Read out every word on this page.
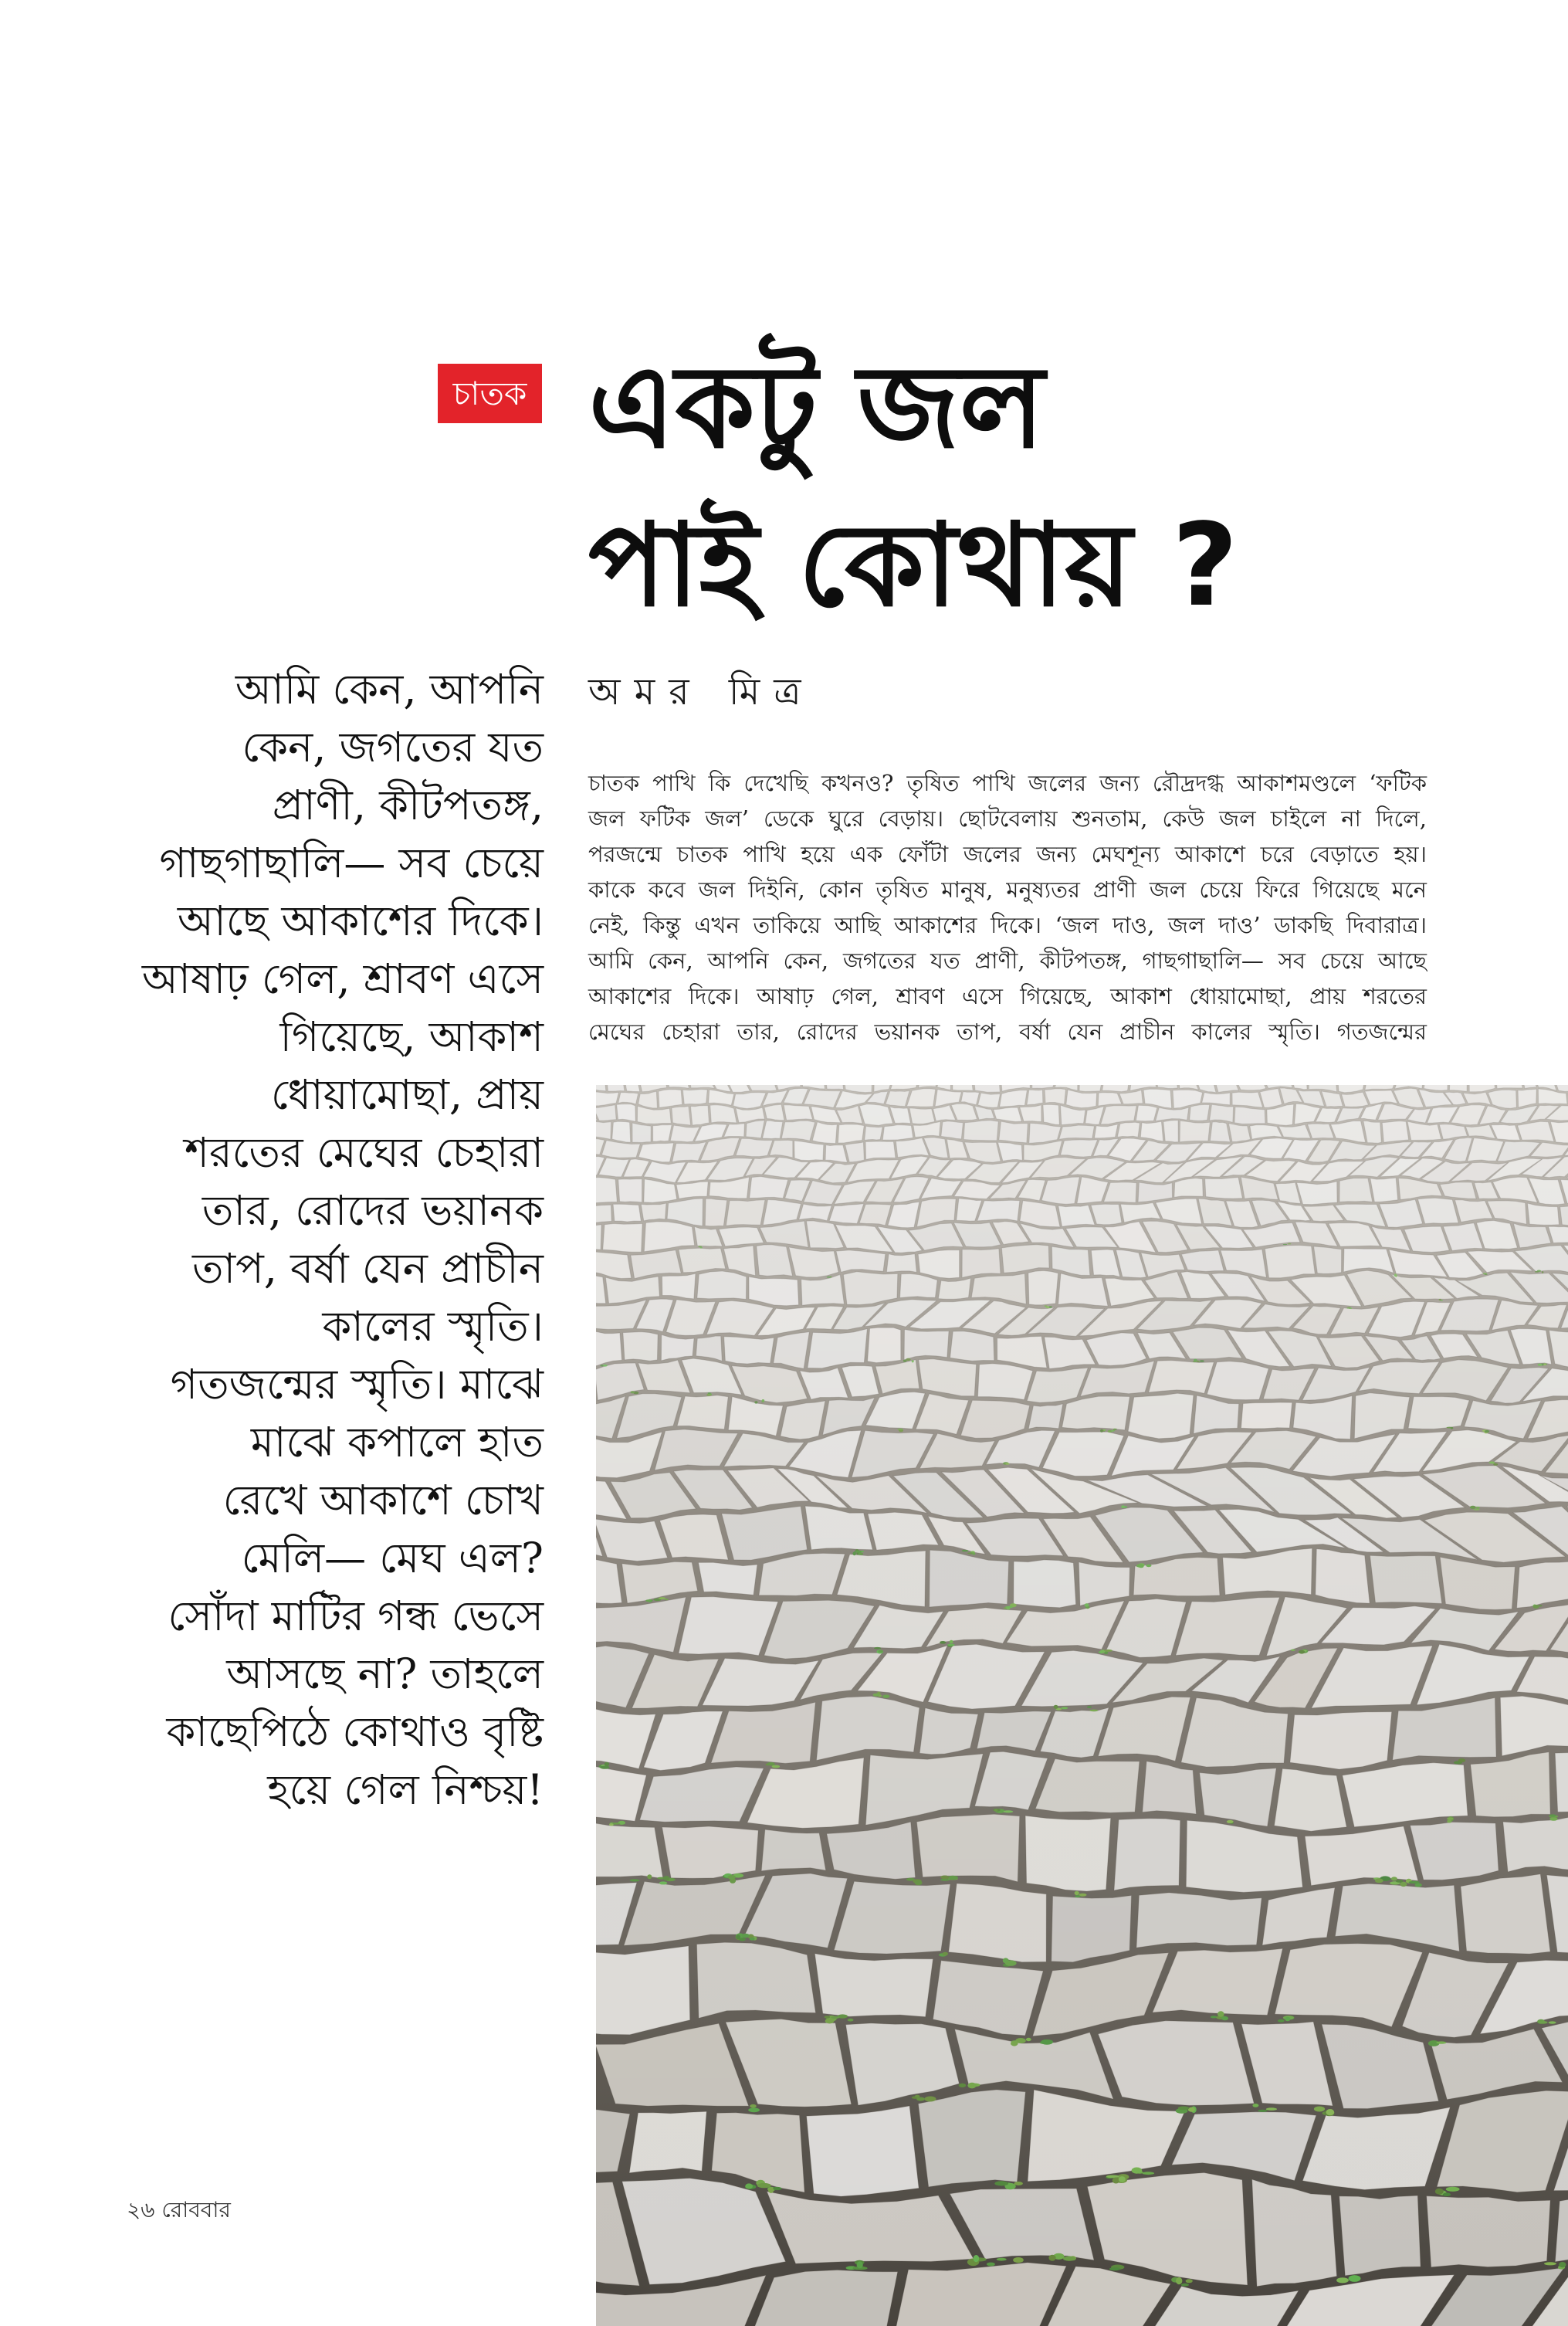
চাতক একটু জল
পাই কোথায় ?
অমর মিত্র
আমি কেন, আপনি
কেন, জগতের যত
প্রাণী, কীটপতঙ্গ,
গাছগাছালি— সব চেয়ে
আছে আকাশের দিকে।
আষাঢ় গেল, শ্রাবণ এসে
গিয়েছে, আকাশ
ধোয়ামোছা, প্রায়
শরতের মেঘের চেহারা
তার, রোদের ভয়ানক
তাপ, বর্ষা যেন প্রাচীন
কালের স্মৃতি।
গতজন্মের স্মৃতি। মাঝে
মাঝে কপালে হাত
রেখে আকাশে চোখ
মেলি— মেঘ এল?
সোঁদা মাটির গন্ধ ভেসে
আসছে না? তাহলে
কাছেপিঠে কোথাও বৃষ্টি
হয়ে গেল নিশ্চয়!

চাতক পাখি কি দেখেছি কখনও? তৃষিত পাখি জলের জন্য রৌদ্রদগ্ধ আকাশমণ্ডলে ‘ফটিক

জল ফটিক জল’ ডেকে ঘুরে বেড়ায়। ছোটবেলায় শুনতাম, কেউ জল চাইলে না দিলে,

পরজন্মে চাতক পাখি হয়ে এক ফোঁটা জলের জন্য মেঘশূন্য আকাশে চরে বেড়াতে হয়।

কাকে কবে জল দিইনি, কোন তৃষিত মানুষ, মনুষ্যতর প্রাণী জল চেয়ে ফিরে গিয়েছে মনে

নেই, কিন্তু এখন তাকিয়ে আছি আকাশের দিকে। ‘জল দাও, জল দাও’ ডাকছি দিবারাত্র।

আমি কেন, আপনি কেন, জগতের যত প্রাণী, কীটপতঙ্গ, গাছগাছালি— সব চেয়ে আছে

আকাশের দিকে। আষাঢ় গেল, শ্রাবণ এসে গিয়েছে, আকাশ ধোয়ামোছা, প্রায় শরতের

মেঘের চেহারা তার, রোদের ভয়ানক তাপ, বর্ষা যেন প্রাচীন কালের স্মৃতি। গতজন্মের

২৬ রোববার
